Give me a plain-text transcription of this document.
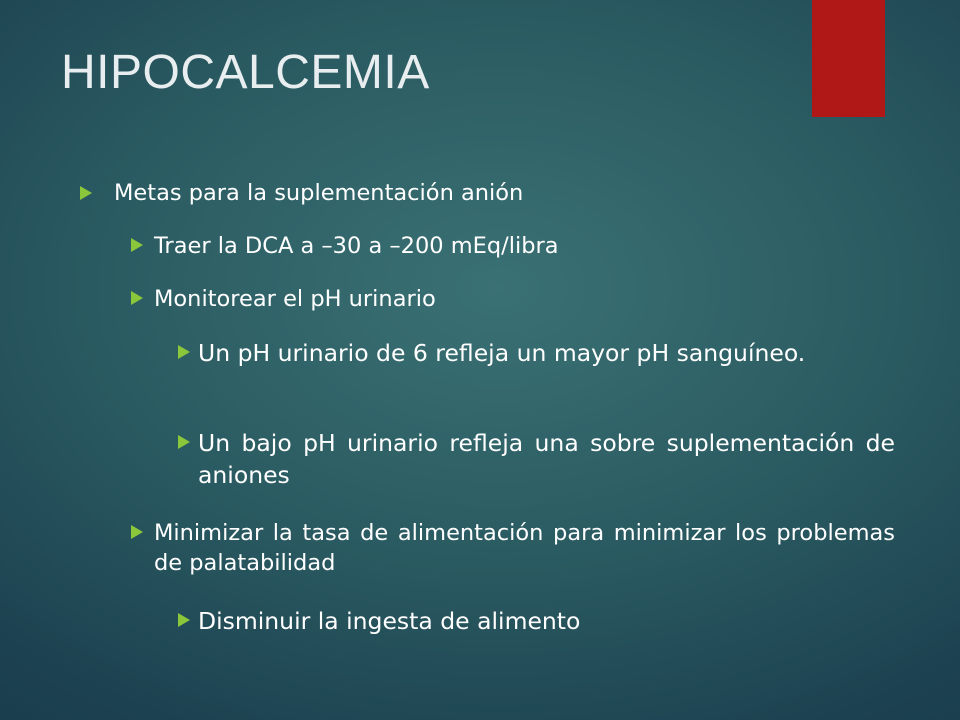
HIPOCALCEMIA
Metas para la suplementación anión
Traer la DCA a –30 a –200 mEq/libra
Monitorear el pH urinario
Un pH urinario de 6 refleja un mayor pH sanguíneo.
Un bajo pH urinario refleja una sobre suplementación de aniones
Minimizar la tasa de alimentación para minimizar los problemas de palatabilidad
Disminuir la ingesta de alimento
